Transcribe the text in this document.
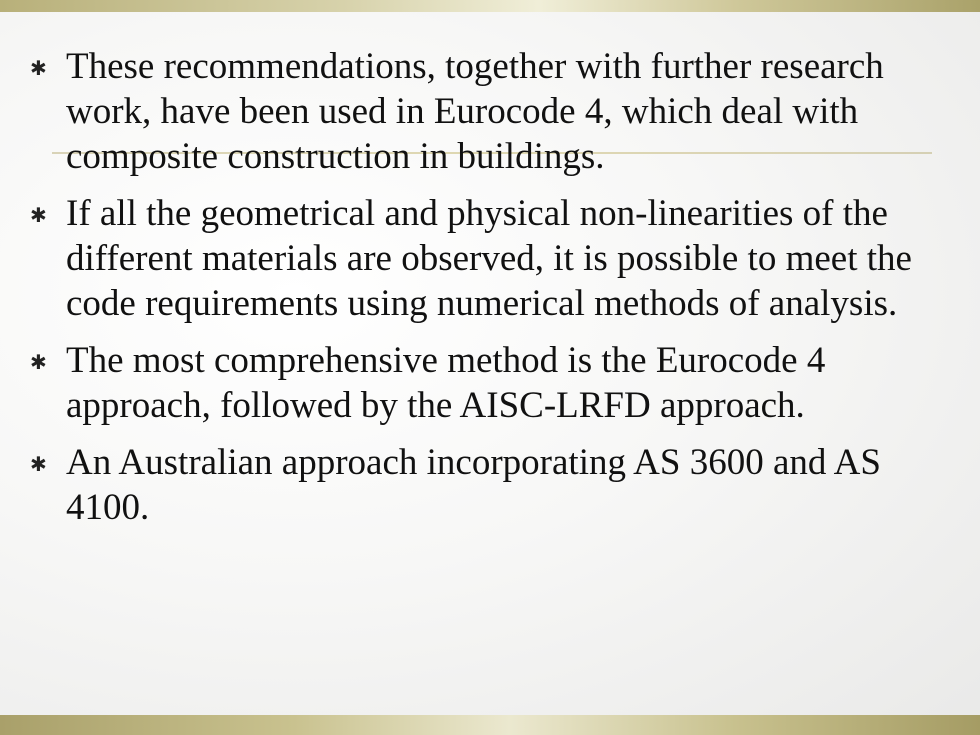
✱ These recommendations, together with further research work, have been used in Eurocode 4, which deal with composite construction in buildings.
✱ If all the geometrical and physical non-linearities of the different materials are observed, it is possible to meet the code requirements using numerical methods of analysis.
✱ The most comprehensive method is the Eurocode 4 approach, followed by the AISC-LRFD approach.
✱ An Australian approach incorporating AS 3600 and AS 4100.
